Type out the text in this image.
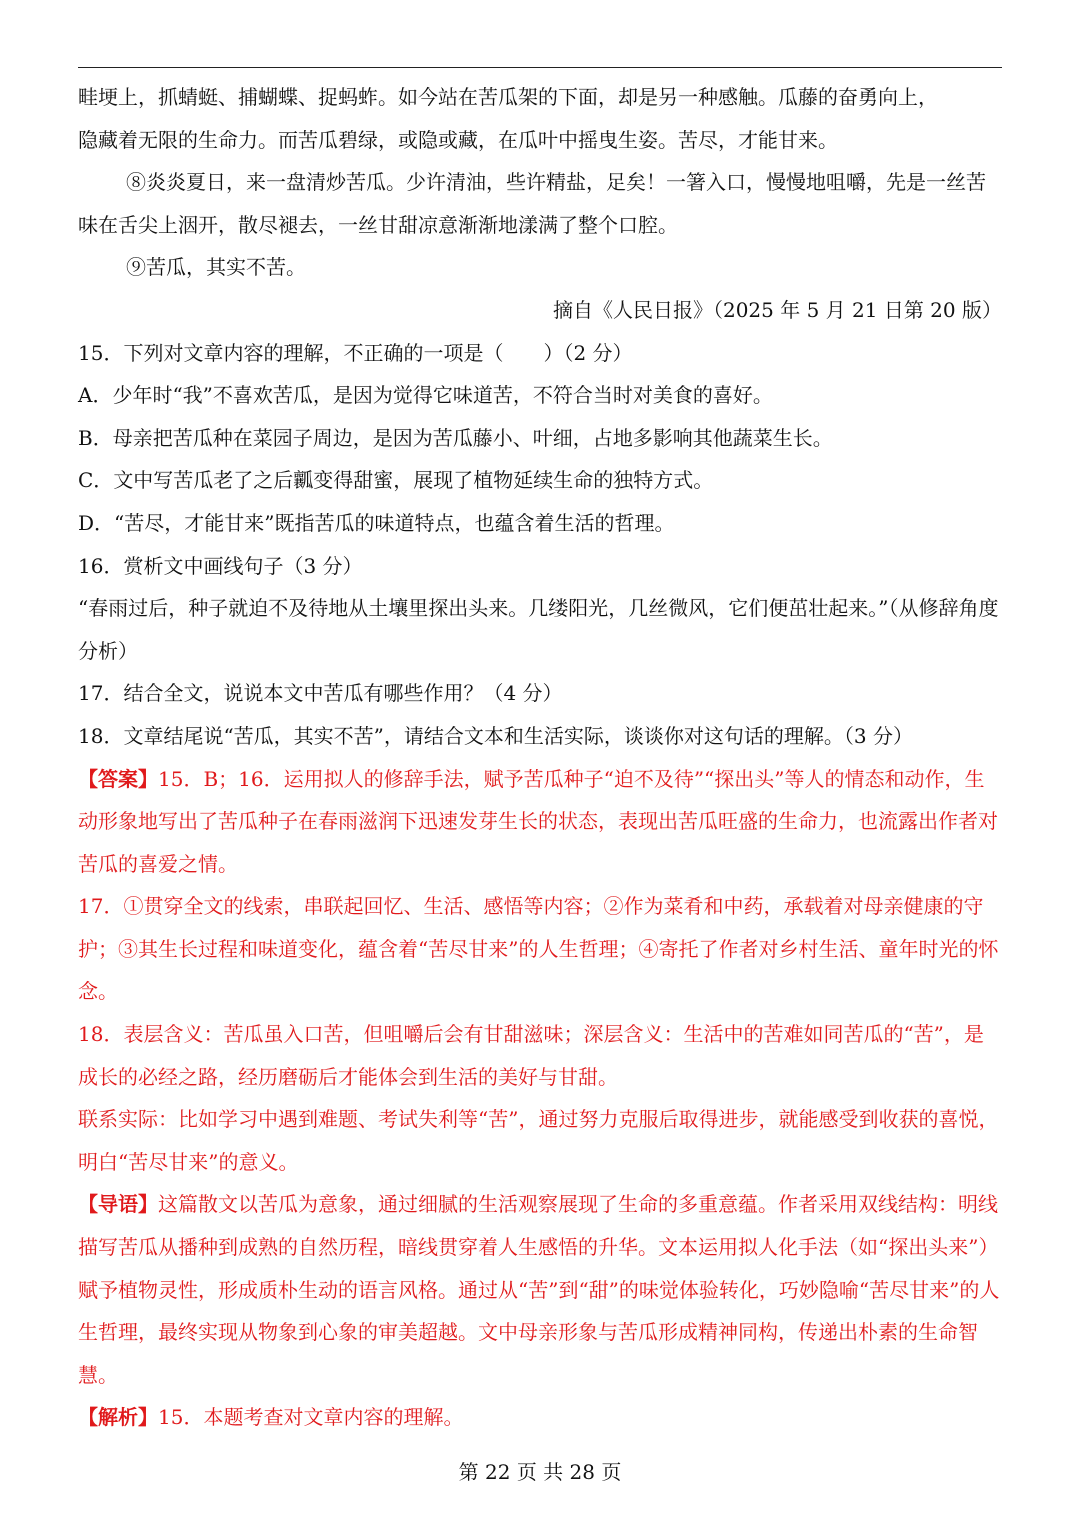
畦埂上，抓蜻蜓、捕蝴蝶、捉蚂蚱。如今站在苦瓜架的下面，却是另一种感触。瓜藤的奋勇向上，

隐藏着无限的生命力。而苦瓜碧绿，或隐或藏，在瓜叶中摇曳生姿。苦尽，才能甘来。

⑧炎炎夏日，来一盘清炒苦瓜。少许清油，些许精盐，足矣！一箸入口，慢慢地咀嚼，先是一丝苦味在舌尖上洇开，散尽褪去，一丝甘甜凉意渐渐地漾满了整个口腔。

⑨苦瓜，其实不苦。

摘自《人民日报》（2025 年 5 月 21 日第 20 版）

15．下列对文章内容的理解，不正确的一项是（　　）（2 分）

A．少年时“我”不喜欢苦瓜，是因为觉得它味道苦，不符合当时对美食的喜好。

B．母亲把苦瓜种在菜园子周边，是因为苦瓜藤小、叶细，占地多影响其他蔬菜生长。

C．文中写苦瓜老了之后瓤变得甜蜜，展现了植物延续生命的独特方式。

D．“苦尽，才能甘来”既指苦瓜的味道特点，也蕴含着生活的哲理。

16．赏析文中画线句子（3 分）

“春雨过后，种子就迫不及待地从土壤里探出头来。几缕阳光，几丝微风，它们便茁壮起来。”（从修辞角度分析）

17．结合全文，说说本文中苦瓜有哪些作用？（4 分）

18．文章结尾说“苦瓜，其实不苦”，请结合文本和生活实际，谈谈你对这句话的理解。（3 分）

【答案】15．B；16．运用拟人的修辞手法，赋予苦瓜种子“迫不及待”“探出头”等人的情态和动作，生动形象地写出了苦瓜种子在春雨滋润下迅速发芽生长的状态，表现出苦瓜旺盛的生命力，也流露出作者对苦瓜的喜爱之情。

17．①贯穿全文的线索，串联起回忆、生活、感悟等内容；②作为菜肴和中药，承载着对母亲健康的守护；③其生长过程和味道变化，蕴含着“苦尽甘来”的人生哲理；④寄托了作者对乡村生活、童年时光的怀念。

18．表层含义：苦瓜虽入口苦，但咀嚼后会有甘甜滋味；深层含义：生活中的苦难如同苦瓜的“苦”，是成长的必经之路，经历磨砺后才能体会到生活的美好与甘甜。

联系实际：比如学习中遇到难题、考试失利等“苦”，通过努力克服后取得进步，就能感受到收获的喜悦，明白“苦尽甘来”的意义。

【导语】这篇散文以苦瓜为意象，通过细腻的生活观察展现了生命的多重意蕴。作者采用双线结构：明线描写苦瓜从播种到成熟的自然历程，暗线贯穿着人生感悟的升华。文本运用拟人化手法（如“探出头来”）赋予植物灵性，形成质朴生动的语言风格。通过从“苦”到“甜”的味觉体验转化，巧妙隐喻“苦尽甘来”的人生哲理，最终实现从物象到心象的审美超越。文中母亲形象与苦瓜形成精神同构，传递出朴素的生命智慧。

【解析】15．本题考查对文章内容的理解。

第 22 页 共 28 页
